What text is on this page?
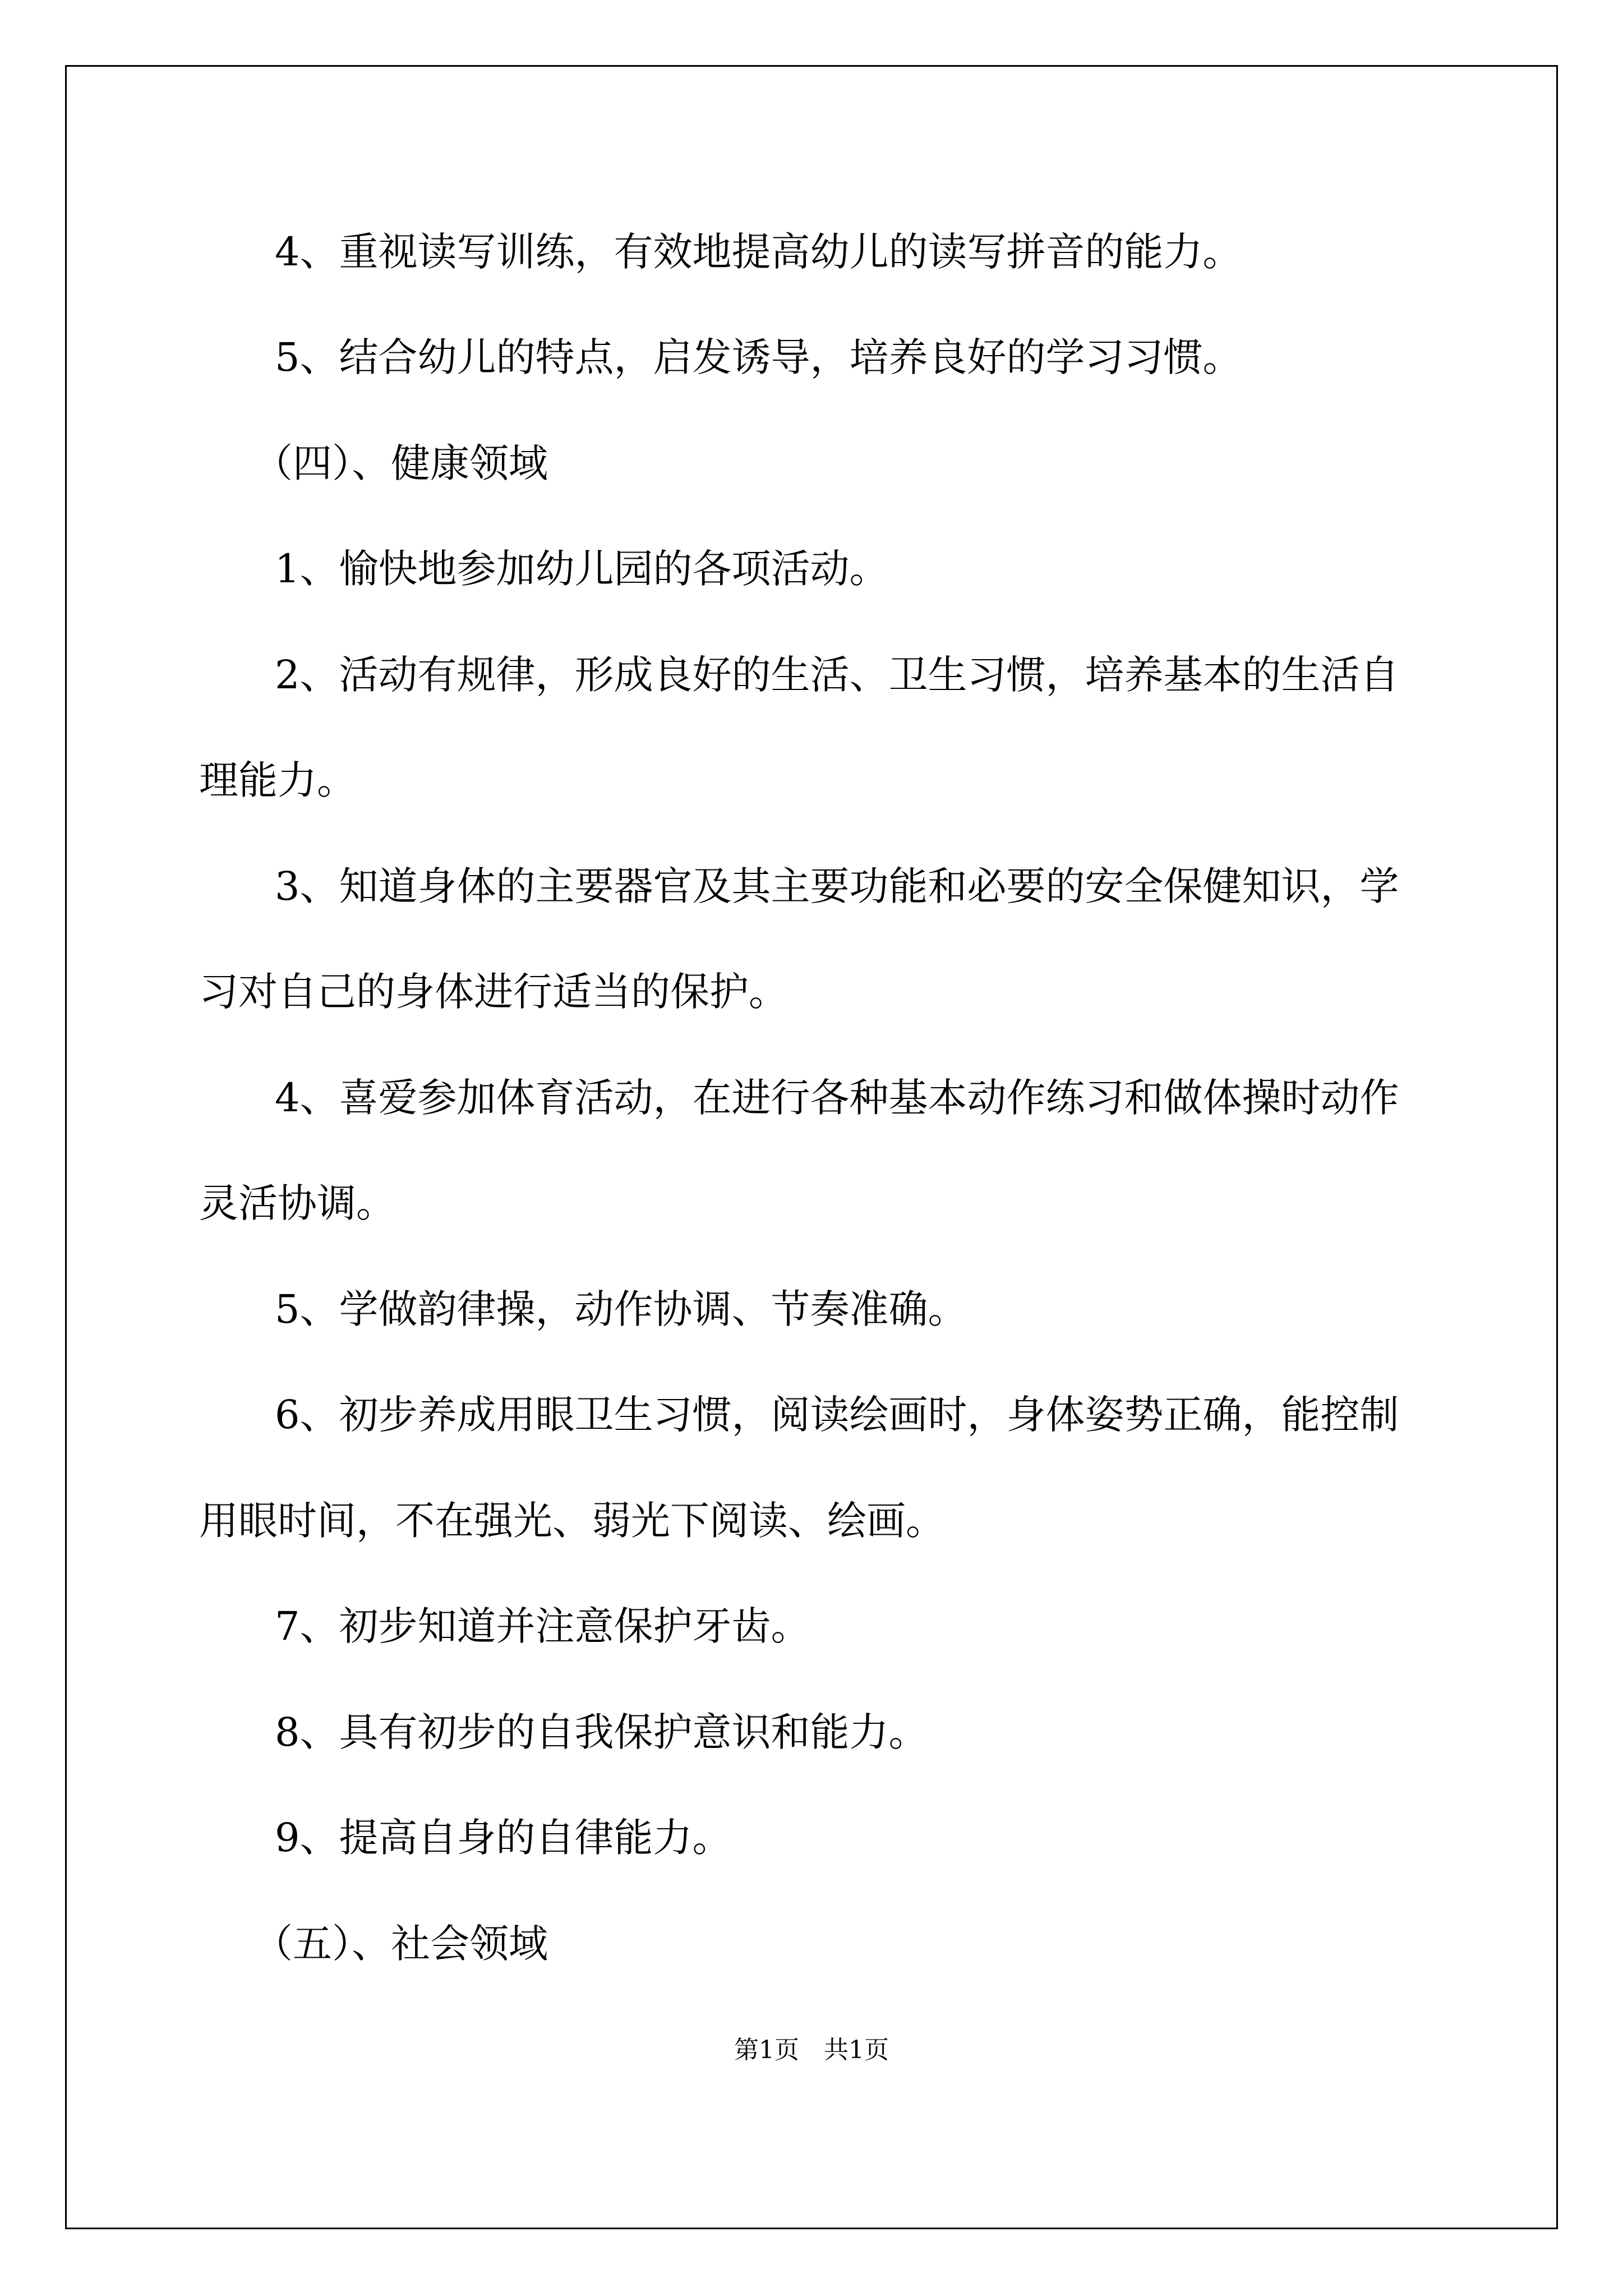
4、重视读写训练，有效地提高幼儿的读写拼音的能力。
5、结合幼儿的特点，启发诱导，培养良好的学习习惯。
（四）、健康领域
1、愉快地参加幼儿园的各项活动。
2、活动有规律，形成良好的生活、卫生习惯，培养基本的生活自
理能力。
3、知道身体的主要器官及其主要功能和必要的安全保健知识，学
习对自己的身体进行适当的保护。
4、喜爱参加体育活动，在进行各种基本动作练习和做体操时动作
灵活协调。
5、学做韵律操，动作协调、节奏准确。
6、初步养成用眼卫生习惯，阅读绘画时，身体姿势正确，能控制
用眼时间，不在强光、弱光下阅读、绘画。
7、初步知道并注意保护牙齿。
8、具有初步的自我保护意识和能力。
9、提高自身的自律能力。
（五）、社会领域
第1页　共1页
